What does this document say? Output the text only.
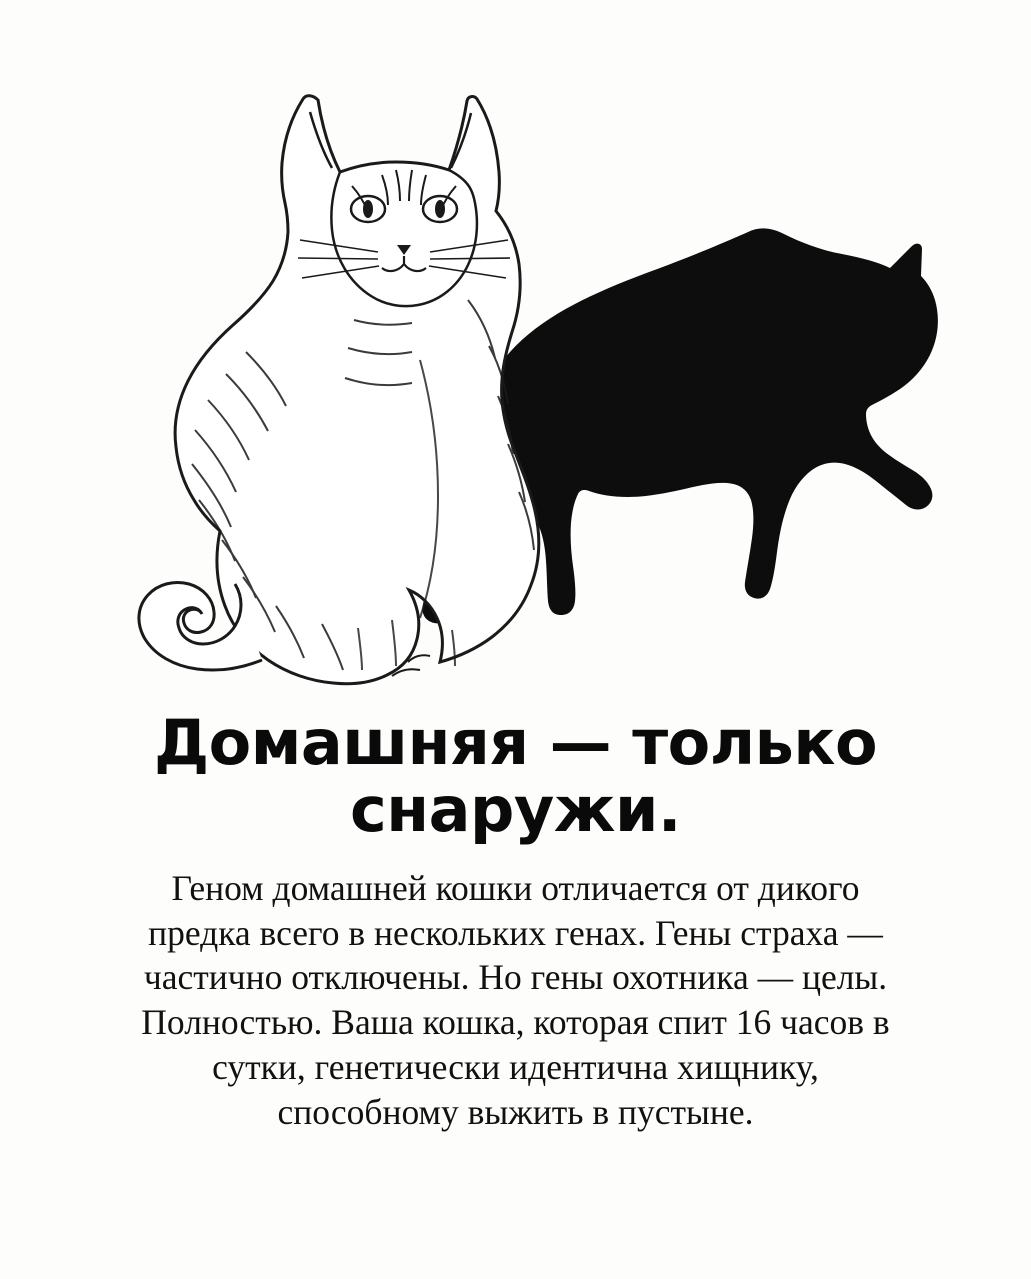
Домашняя — только снаружи.
Геном домашней кошки отличается от дикого предка всего в нескольких генах. Гены страха — частично отключены. Но гены охотника — целы. Полностью. Ваша кошка, которая спит 16 часов в сутки, генетически идентична хищнику, способному выжить в пустыне.
